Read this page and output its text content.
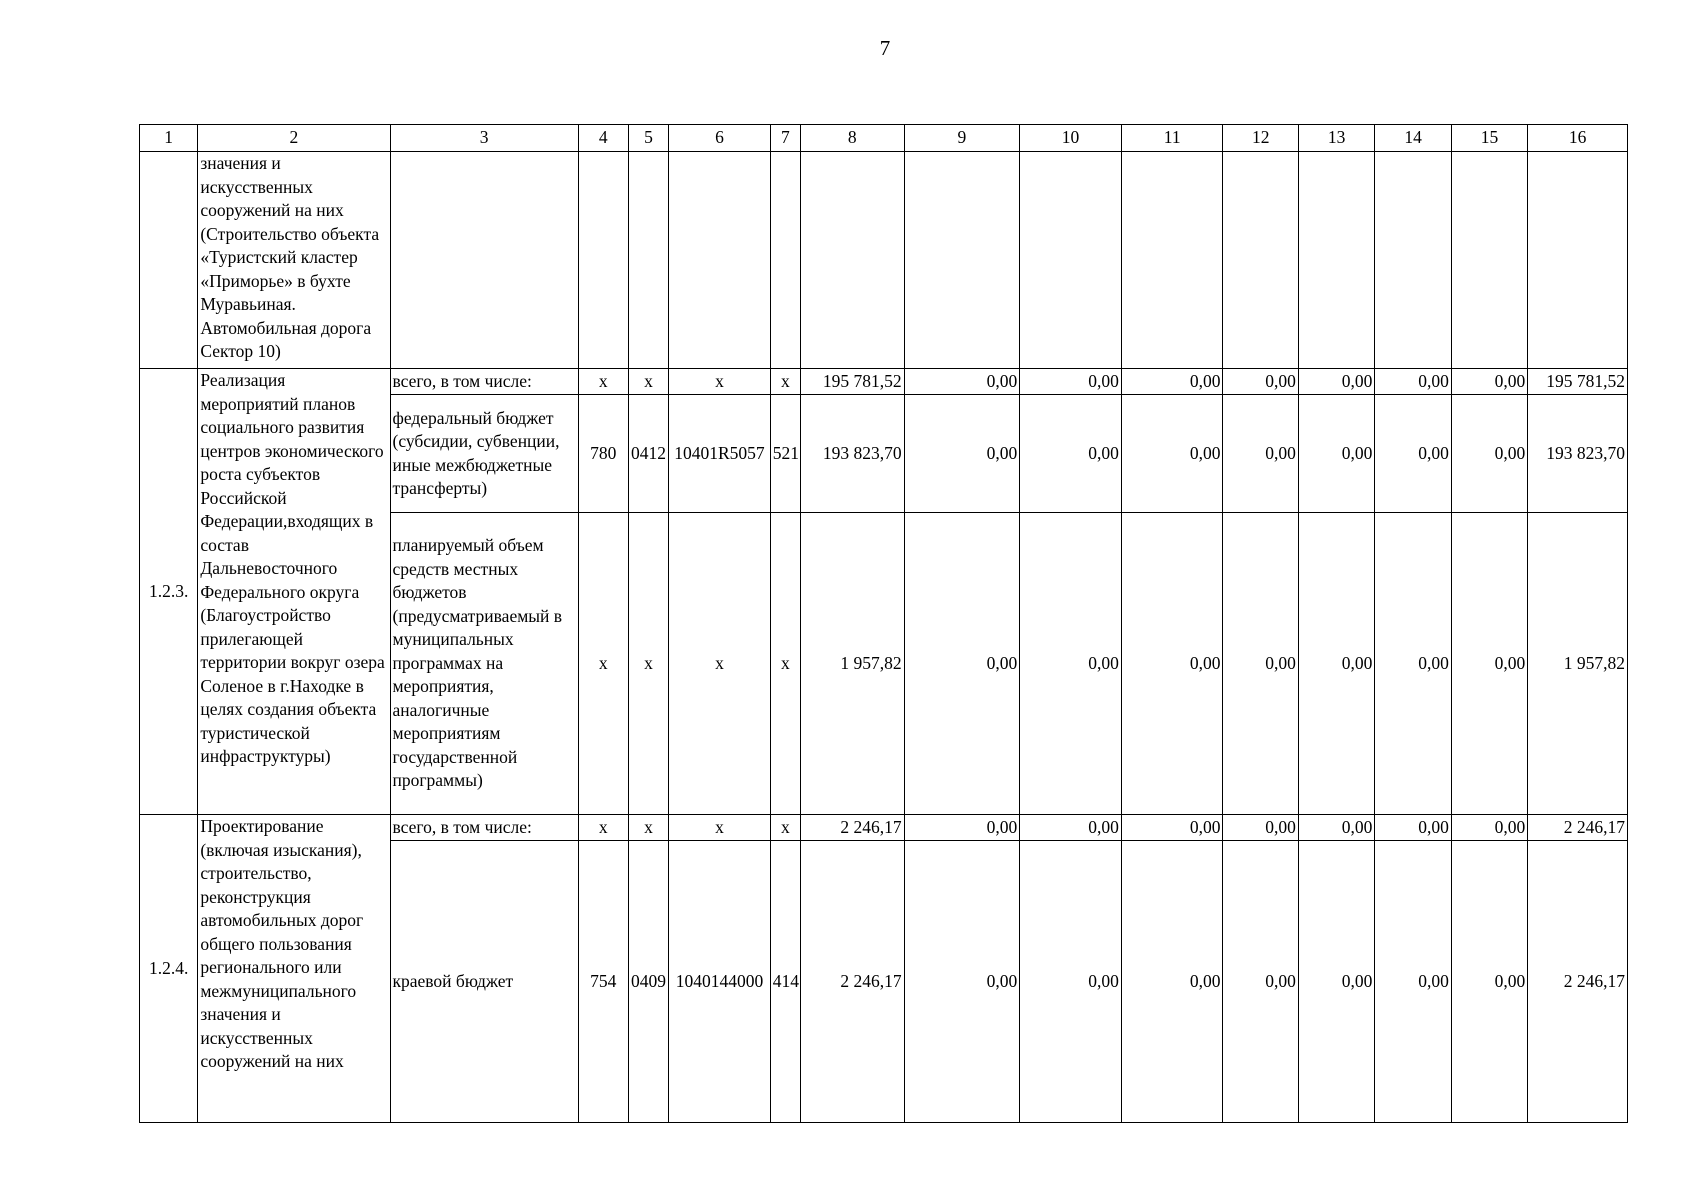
7
1	2	3	4	5	6	7	8	9	10	11	12	13	14	15	16
	значения и искусственных сооружений на них (Строительство объекта «Туристский кластер «Приморье» в бухте Муравьиная. Автомобильная дорога Сектор 10)														
1.2.3.	Реализация мероприятий планов социального развития центров экономического роста субъектов Российской Федерации,входящих в состав Дальневосточного Федерального округа (Благоустройство прилегающей территории вокруг озера Соленое в г.Находке в целях создания объекта туристической инфраструктуры)	всего, в том числе:	x	x	x	x	195 781,52	0,00	0,00	0,00	0,00	0,00	0,00	0,00	195 781,52
		федеральный бюджет (субсидии, субвенции, иные межбюджетные трансферты)	780	0412	10401R5057	521	193 823,70	0,00	0,00	0,00	0,00	0,00	0,00	0,00	193 823,70
		планируемый объем средств местных бюджетов (предусматриваемый в муниципальных программах на мероприятия, аналогичные мероприятиям государственной программы)	x	x	x	x	1 957,82	0,00	0,00	0,00	0,00	0,00	0,00	0,00	1 957,82
1.2.4.	Проектирование (включая изыскания), строительство, реконструкция автомобильных дорог общего пользования регионального или межмуниципального значения и искусственных сооружений на них	всего, в том числе:	x	x	x	x	2 246,17	0,00	0,00	0,00	0,00	0,00	0,00	0,00	2 246,17
		краевой бюджет	754	0409	1040144000	414	2 246,17	0,00	0,00	0,00	0,00	0,00	0,00	0,00	2 246,17
